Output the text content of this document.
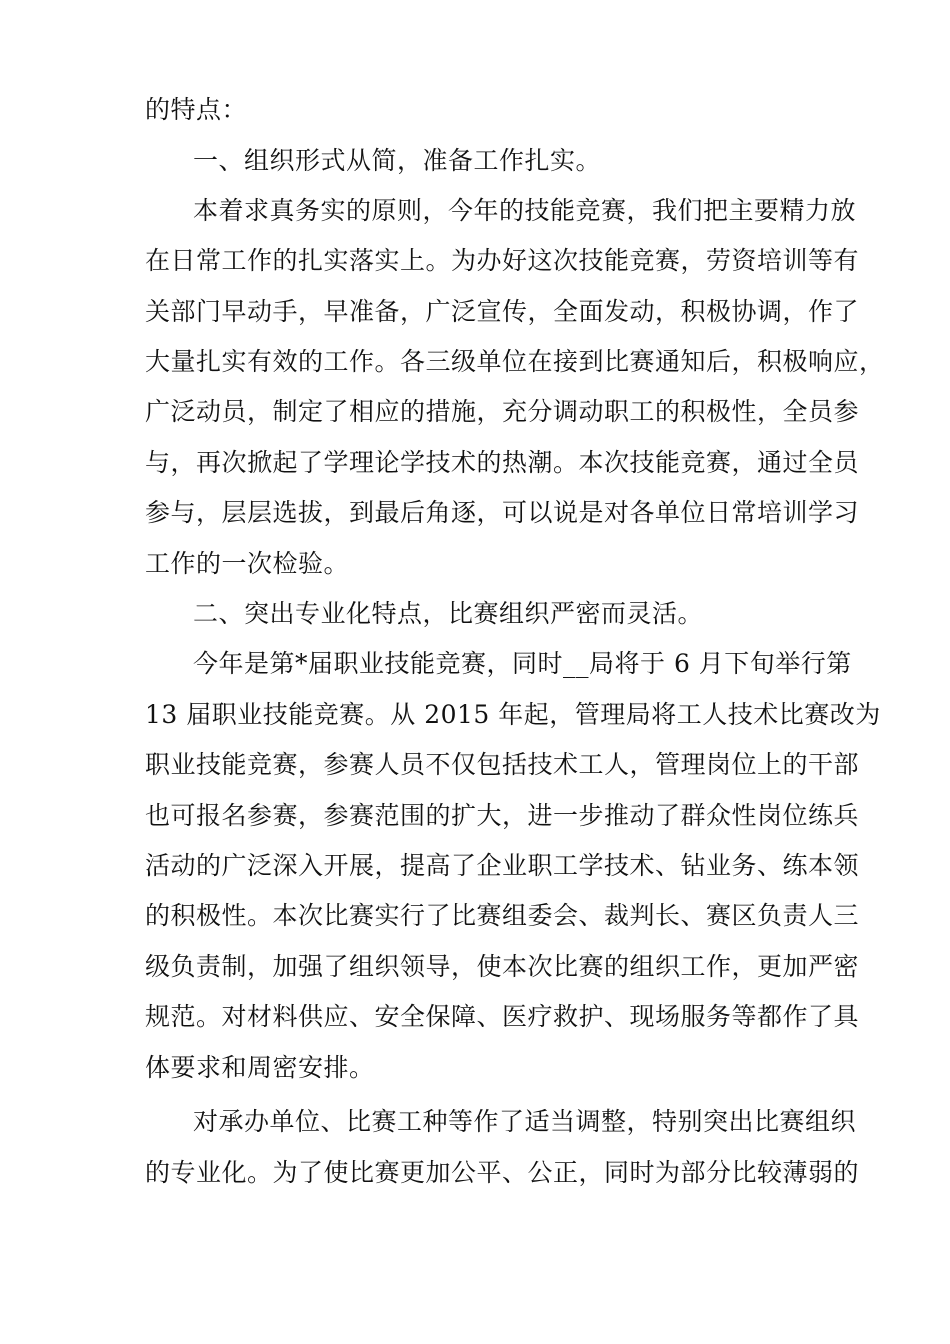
的特点：
一、组织形式从简，准备工作扎实。
本着求真务实的原则，今年的技能竞赛，我们把主要精力放
在日常工作的扎实落实上。为办好这次技能竞赛，劳资培训等有
关部门早动手，早准备，广泛宣传，全面发动，积极协调，作了
大量扎实有效的工作。各三级单位在接到比赛通知后，积极响应，
广泛动员，制定了相应的措施，充分调动职工的积极性，全员参
与，再次掀起了学理论学技术的热潮。本次技能竞赛，通过全员
参与，层层选拔，到最后角逐，可以说是对各单位日常培训学习
工作的一次检验。
二、突出专业化特点，比赛组织严密而灵活。
今年是第*届职业技能竞赛，同时__局将于 6 月下旬举行第
13 届职业技能竞赛。从 2015 年起，管理局将工人技术比赛改为
职业技能竞赛，参赛人员不仅包括技术工人，管理岗位上的干部
也可报名参赛，参赛范围的扩大，进一步推动了群众性岗位练兵
活动的广泛深入开展，提高了企业职工学技术、钻业务、练本领
的积极性。本次比赛实行了比赛组委会、裁判长、赛区负责人三
级负责制，加强了组织领导，使本次比赛的组织工作，更加严密
规范。对材料供应、安全保障、医疗救护、现场服务等都作了具
体要求和周密安排。
对承办单位、比赛工种等作了适当调整，特别突出比赛组织
的专业化。为了使比赛更加公平、公正，同时为部分比较薄弱的
